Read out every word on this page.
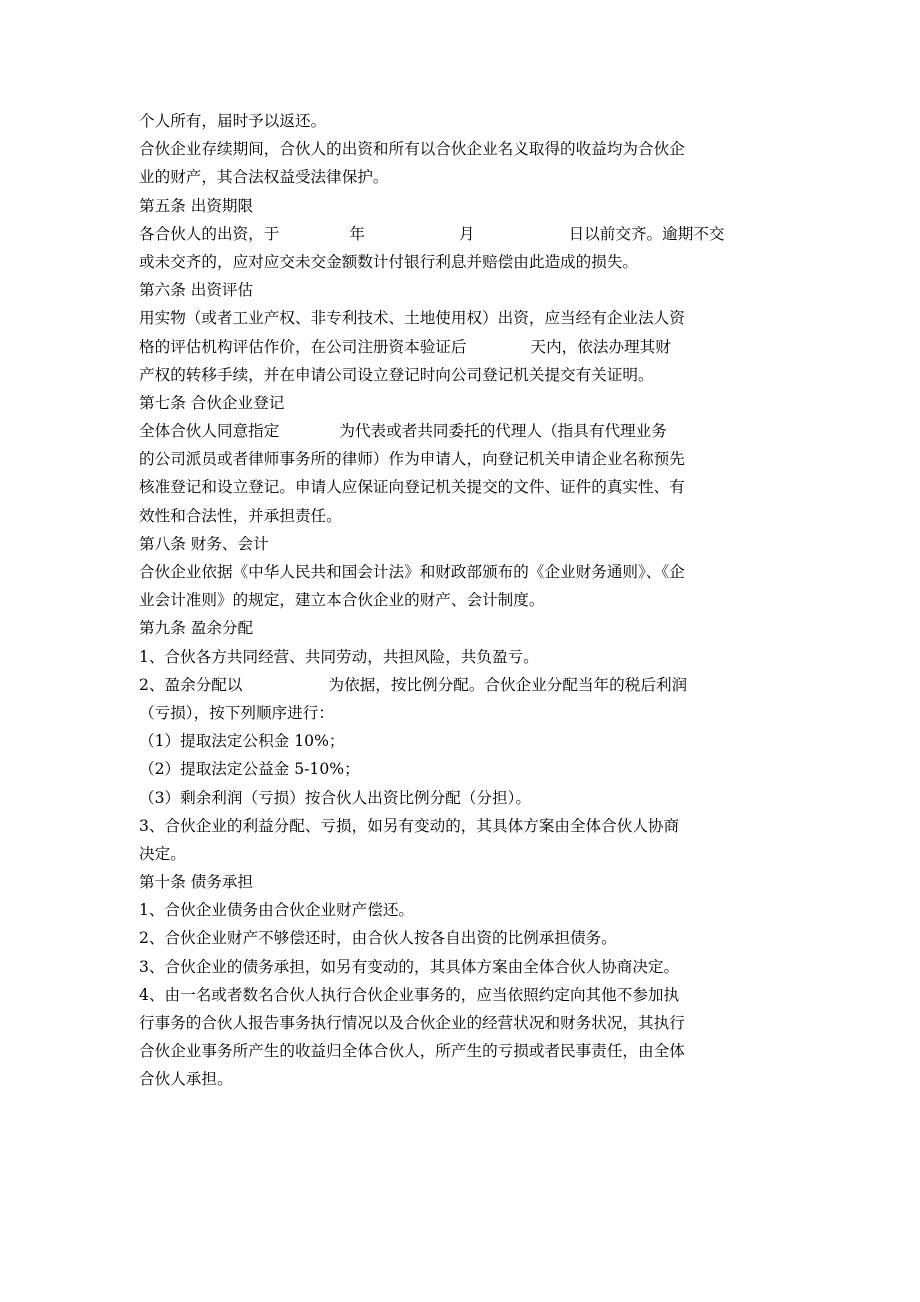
个人所有，届时予以返还。
合伙企业存续期间，合伙人的出资和所有以合伙企业名义取得的收益均为合伙企
业的财产，其合法权益受法律保护。
第五条 出资期限
各合伙人的出资，于	年	月	日以前交齐。逾期不交
或未交齐的，应对应交未交金额数计付银行利息并赔偿由此造成的损失。
第六条 出资评估
用实物（或者工业产权、非专利技术、土地使用权）出资，应当经有企业法人资
格的评估机构评估作价，在公司注册资本验证后	天内，依法办理其财
产权的转移手续，并在申请公司设立登记时向公司登记机关提交有关证明。
第七条 合伙企业登记
全体合伙人同意指定	为代表或者共同委托的代理人（指具有代理业务
的公司派员或者律师事务所的律师）作为申请人，向登记机关申请企业名称预先
核准登记和设立登记。申请人应保证向登记机关提交的文件、证件的真实性、有
效性和合法性，并承担责任。
第八条 财务、会计
合伙企业依据《中华人民共和国会计法》和财政部颁布的《企业财务通则》、《企
业会计准则》的规定，建立本合伙企业的财产、会计制度。
第九条 盈余分配
1、合伙各方共同经营、共同劳动，共担风险，共负盈亏。
2、盈余分配以	为依据，按比例分配。合伙企业分配当年的税后利润
（亏损），按下列顺序进行：
（1）提取法定公积金 10%；
（2）提取法定公益金 5-10%；
（3）剩余利润（亏损）按合伙人出资比例分配（分担）。
3、合伙企业的利益分配、亏损，如另有变动的，其具体方案由全体合伙人协商
决定。
第十条 债务承担
1、合伙企业债务由合伙企业财产偿还。
2、合伙企业财产不够偿还时，由合伙人按各自出资的比例承担债务。
3、合伙企业的债务承担，如另有变动的，其具体方案由全体合伙人协商决定。
4、由一名或者数名合伙人执行合伙企业事务的，应当依照约定向其他不参加执
行事务的合伙人报告事务执行情况以及合伙企业的经营状况和财务状况，其执行
合伙企业事务所产生的收益归全体合伙人，所产生的亏损或者民事责任，由全体
合伙人承担。
